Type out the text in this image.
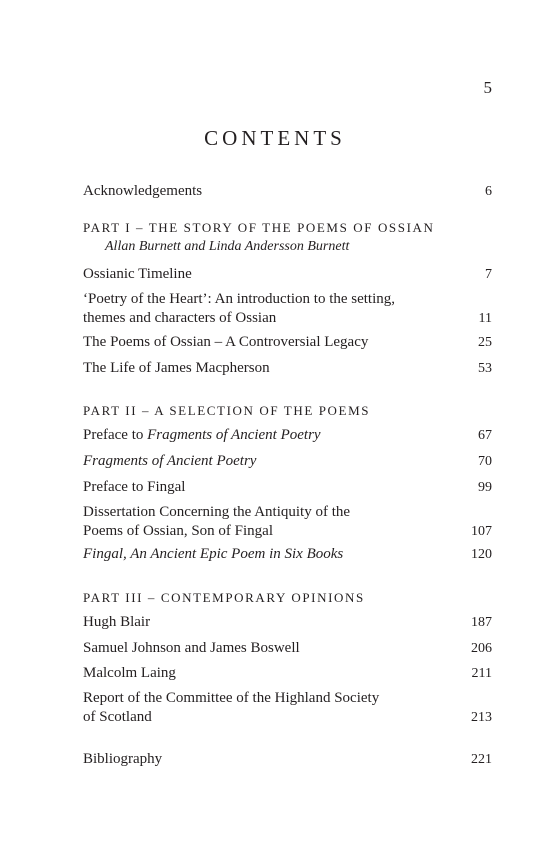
5
CONTENTS
Acknowledgements	6
PART I – THE STORY OF THE POEMS OF OSSIAN
Allan Burnett and Linda Andersson Burnett
Ossianic Timeline	7
‘Poetry of the Heart’: An introduction to the setting,
themes and characters of Ossian	11
The Poems of Ossian – A Controversial Legacy	25
The Life of James Macpherson	53
PART II – A SELECTION OF THE POEMS
Preface to Fragments of Ancient Poetry	67
Fragments of Ancient Poetry	70
Preface to Fingal	99
Dissertation Concerning the Antiquity of the
Poems of Ossian, Son of Fingal	107
Fingal, An Ancient Epic Poem in Six Books	120
PART III – CONTEMPORARY OPINIONS
Hugh Blair	187
Samuel Johnson and James Boswell	206
Malcolm Laing	211
Report of the Committee of the Highland Society
of Scotland	213
Bibliography	221
